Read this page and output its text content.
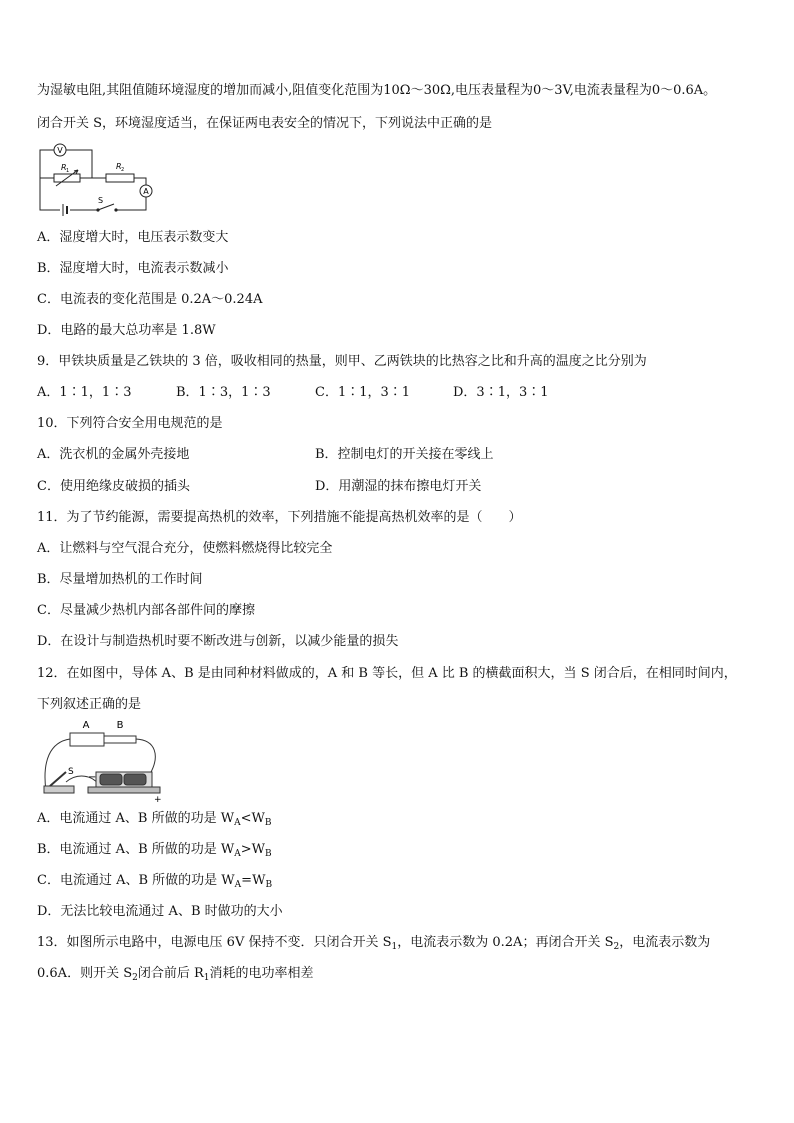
为湿敏电阻,其阻值随环境湿度的增加而减小,阻值变化范围为10Ω～30Ω,电压表量程为0～3V,电流表量程为0～0.6A。
闭合开关 S，环境湿度适当，在保证两电表安全的情况下，下列说法中正确的是
V
A
R 1	R 2
S
A．湿度增大时，电压表示数变大
B．湿度增大时，电流表示数减小
C．电流表的变化范围是 0.2A～0.24A
D．电路的最大总功率是 1.8W
9．甲铁块质量是乙铁块的 3 倍，吸收相同的热量，则甲、乙两铁块的比热容之比和升高的温度之比分别为
A．1∶1，1∶3	B．1∶3，1∶3	C．1∶1，3∶1	D．3∶1，3∶1
10．下列符合安全用电规范的是
A．洗衣机的金属外壳接地	B．控制电灯的开关接在零线上
C．使用绝缘皮破损的插头	D．用潮湿的抹布擦电灯开关
11．为了节约能源，需要提高热机的效率，下列措施不能提高热机效率的是（　　）
A．让燃料与空气混合充分，使燃料燃烧得比较完全
B．尽量增加热机的工作时间
C．尽量减少热机内部各部件间的摩擦
D．在设计与制造热机时要不断改进与创新，以减少能量的损失
12．在如图中，导体 A、B 是由同种材料做成的，A 和 B 等长，但 A 比 B 的横截面积大，当 S 闭合后，在相同时间内，
下列叙述正确的是
A	B
S −
+
A．电流通过 A、B 所做的功是 $W_A<W_B$
B．电流通过 A、B 所做的功是 $W_A>W_B$
C．电流通过 A、B 所做的功是 $W_A=W_B$
D．无法比较电流通过 A、B 时做功的大小
13．如图所示电路中，电源电压 6V 保持不变．只闭合开关 $S_1$，电流表示数为 0.2A；再闭合开关 $S_2$，电流表示数为
0.6A．则开关 $S_2$闭合前后 $R_1$消耗的电功率相差
